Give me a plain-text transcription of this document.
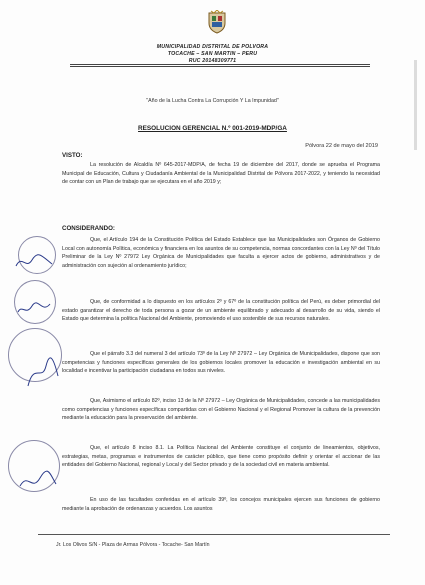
MUNICIPALIDAD DISTRITAL DE POLVORA
TOCACHE – SAN MARTIN – PERU
RUC 20148309771
"Año de la Lucha Contra La Corrupción Y La Impunidad"
RESOLUCION GERENCIAL N.º 001-2019-MDP/GA
Pólvora 22 de mayo del 2019
VISTO:
La resolución de Alcaldía Nº 645-2017-MDP/A, de fecha 19 de diciembre del 2017, donde se aprueba el Programa Municipal de Educación, Cultura y Ciudadanía Ambiental de la Municipalidad Distrital de Pólvora 2017-2022, y teniendo la necesidad de contar con un Plan de trabajo que se ejecutara en el año 2019 y;
CONSIDERANDO:
Que, el Artículo 194 de la Constitución Política del Estado Establece que las Municipalidades son Órganos de Gobierno Local con autonomía Política, económica y financiera en los asuntos de su competencia, normas concordantes con la Ley Nº del Título Preliminar de la Ley Nº 27972 Ley Orgánica de Municipalidades que faculta a ejercer actos de gobierno, administrativos y de administración con sujeción al ordenamiento jurídico;
Que, de conformidad a lo dispuesto en los artículos 2º y 67º de la constitución política del Perú, es deber primordial del estado garantizar el derecho de toda persona a gozar de un ambiente equilibrado y adecuado al desarrollo de su vida, siendo el Estado que determina la política Nacional del Ambiente, promoviendo el uso sostenible de sus recursos naturales.
Que el párrafo 3.3 del numeral 3 del artículo 73º de la Ley Nº 27972 – Ley Orgánica de Municipalidades, dispone que son competencias y funciones específicas generales de los gobiernos locales promover la educación e investigación ambiental en su localidad e incentivar la participación ciudadana en todos sus niveles.
Que, Asimismo el artículo 82º, inciso 13 de la Nº 27972 – Ley Orgánica de Municipalidades, concede a las municipalidades como competencias y funciones específicas compartidas con el Gobierno Nacional y el Regional Promover la cultura de la prevención mediante la educación para la preservación del ambiente.
Que, el artículo 8 inciso 8.1. La Política Nacional del Ambiente constituye el conjunto de lineamientos, objetivos, estrategias, metas, programas e instrumentos de carácter público, que tiene como propósito definir y orientar el accionar de las entidades del Gobierno Nacional, regional y Local y del Sector privado y de la sociedad civil en materia ambiental.
En uso de las facultades conferidas en el artículo 39º, los concejos municipales ejercen sus funciones de gobierno mediante la aprobación de ordenanzas y acuerdos. Los asuntos
Jr. Los Olivos S/N - Plaza de Armas Pólvora - Tocache- San Martín
